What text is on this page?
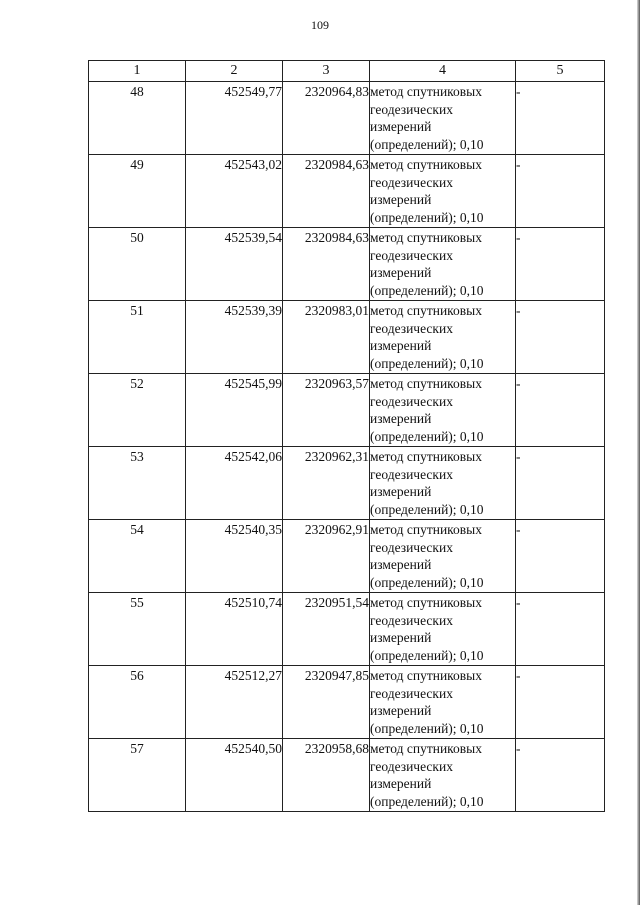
109
1	2	3	4	5
48	452549,77	2320964,83	метод спутниковых
геодезических
измерений
(определений); 0,10	-
49	452543,02	2320984,63	метод спутниковых
геодезических
измерений
(определений); 0,10	-
50	452539,54	2320984,63	метод спутниковых
геодезических
измерений
(определений); 0,10	-
51	452539,39	2320983,01	метод спутниковых
геодезических
измерений
(определений); 0,10	-
52	452545,99	2320963,57	метод спутниковых
геодезических
измерений
(определений); 0,10	-
53	452542,06	2320962,31	метод спутниковых
геодезических
измерений
(определений); 0,10	-
54	452540,35	2320962,91	метод спутниковых
геодезических
измерений
(определений); 0,10	-
55	452510,74	2320951,54	метод спутниковых
геодезических
измерений
(определений); 0,10	-
56	452512,27	2320947,85	метод спутниковых
геодезических
измерений
(определений); 0,10	-
57	452540,50	2320958,68	метод спутниковых
геодезических
измерений
(определений); 0,10	-
